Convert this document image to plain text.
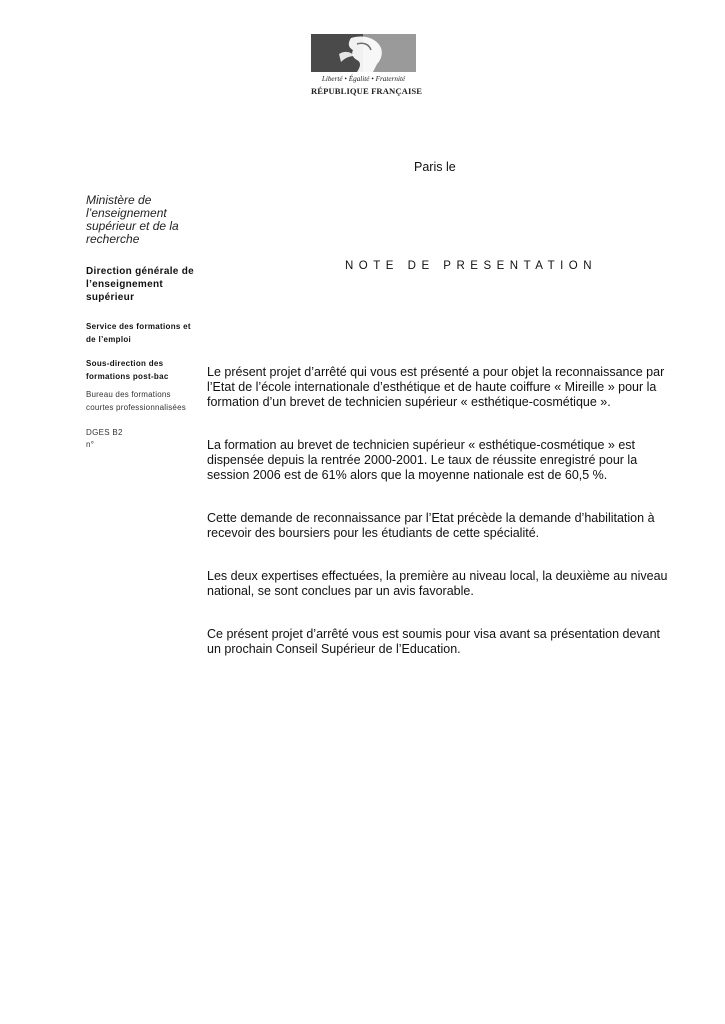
Liberté • Égalité • Fraternité
RÉPUBLIQUE FRANÇAISE
Paris le
Ministère de l’enseignement supérieur et de la recherche
Direction générale de l’enseignement supérieur
Service des formations et de l’emploi
Sous-direction des formations post-bac
Bureau des formations courtes professionnalisées
DGES B2
n°
NOTE DE PRESENTATION

Le présent projet d’arrêté qui vous est présenté a pour objet la reconnaissance par l’Etat de l’école internationale d’esthétique et de haute coiffure « Mireille » pour la formation d’un brevet de technicien supérieur « esthétique-cosmétique ».

La formation au brevet de technicien supérieur « esthétique-cosmétique » est dispensée depuis la rentrée 2000-2001. Le taux de réussite enregistré pour la session 2006 est de 61% alors que la moyenne nationale est de 60,5 %.

Cette demande de reconnaissance par l’Etat précède la demande d’habilitation à recevoir des boursiers pour les étudiants de cette spécialité.

Les deux expertises effectuées, la première au niveau local, la deuxième au niveau national, se sont conclues par un avis favorable.

Ce présent projet d’arrêté vous est soumis pour visa avant sa présentation devant un prochain Conseil Supérieur de l’Education.
